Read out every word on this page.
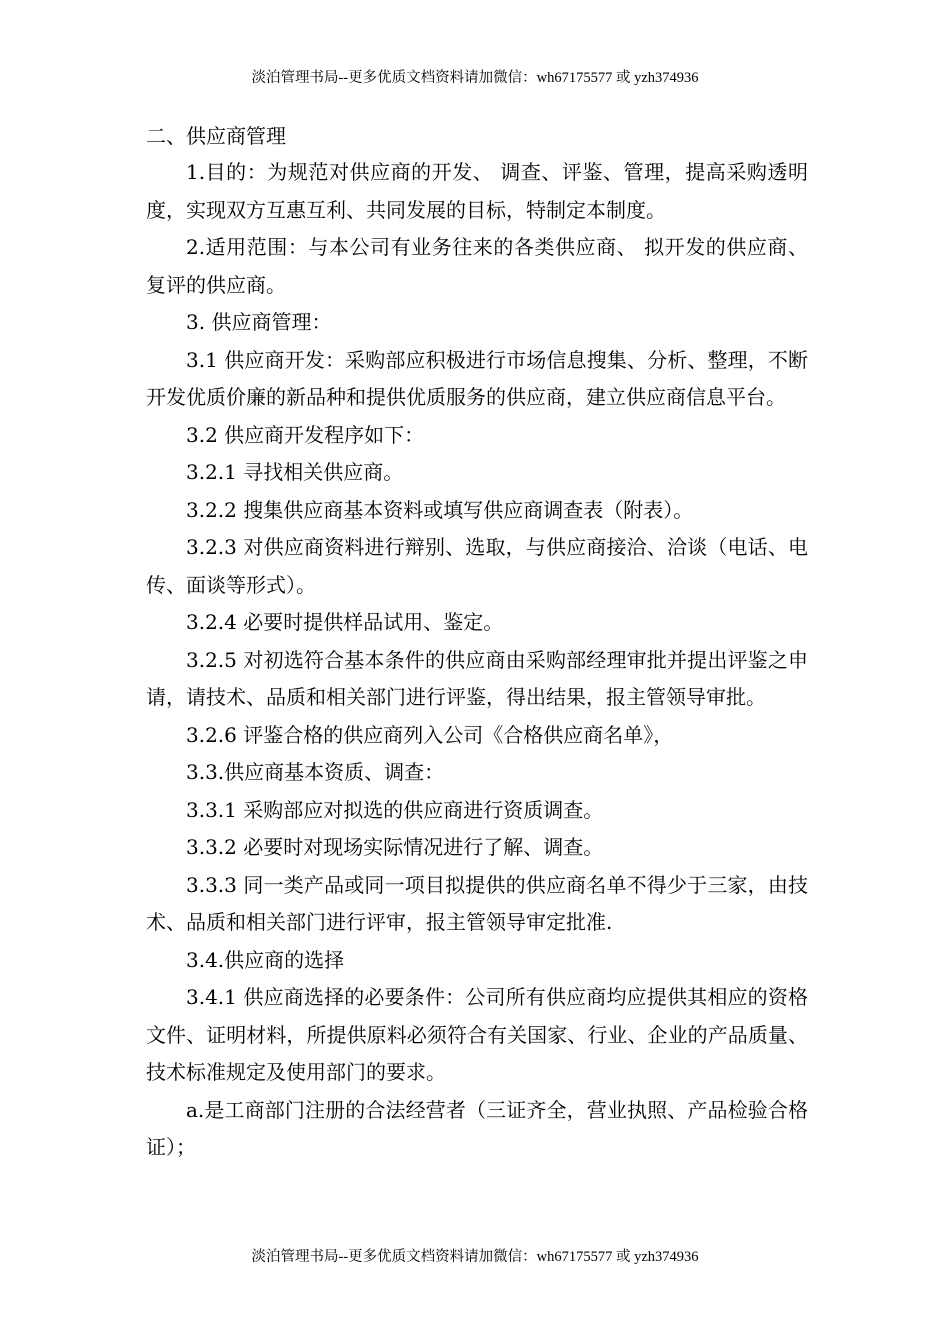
淡泊管理书局--更多优质文档资料请加微信：wh67175577 或 yzh374936

二、供应商管理

1.目的：为规范对供应商的开发、 调查、评鉴、管理，提高采购透明度，实现双方互惠互利、共同发展的目标，特制定本制度。

2.适用范围：与本公司有业务往来的各类供应商、 拟开发的供应商、复评的供应商。

3. 供应商管理：

3.1 供应商开发：采购部应积极进行市场信息搜集、分析、整理，不断开发优质价廉的新品种和提供优质服务的供应商，建立供应商信息平台。

3.2 供应商开发程序如下：

3.2.1 寻找相关供应商。

3.2.2 搜集供应商基本资料或填写供应商调查表（附表）。

3.2.3 对供应商资料进行辩别、选取，与供应商接洽、洽谈（电话、电传、面谈等形式）。

3.2.4 必要时提供样品试用、鉴定。

3.2.5 对初选符合基本条件的供应商由采购部经理审批并提出评鉴之申请，请技术、品质和相关部门进行评鉴，得出结果，报主管领导审批。

3.2.6 评鉴合格的供应商列入公司《合格供应商名单》，

3.3.供应商基本资质、调查：

3.3.1 采购部应对拟选的供应商进行资质调查。

3.3.2 必要时对现场实际情况进行了解、调查。

3.3.3 同一类产品或同一项目拟提供的供应商名单不得少于三家，由技术、品质和相关部门进行评审，报主管领导审定批准.

3.4.供应商的选择

3.4.1 供应商选择的必要条件：公司所有供应商均应提供其相应的资格文件、证明材料，所提供原料必须符合有关国家、行业、企业的产品质量、技术标准规定及使用部门的要求。

a.是工商部门注册的合法经营者（三证齐全，营业执照、产品检验合格证）；

淡泊管理书局--更多优质文档资料请加微信：wh67175577 或 yzh374936
